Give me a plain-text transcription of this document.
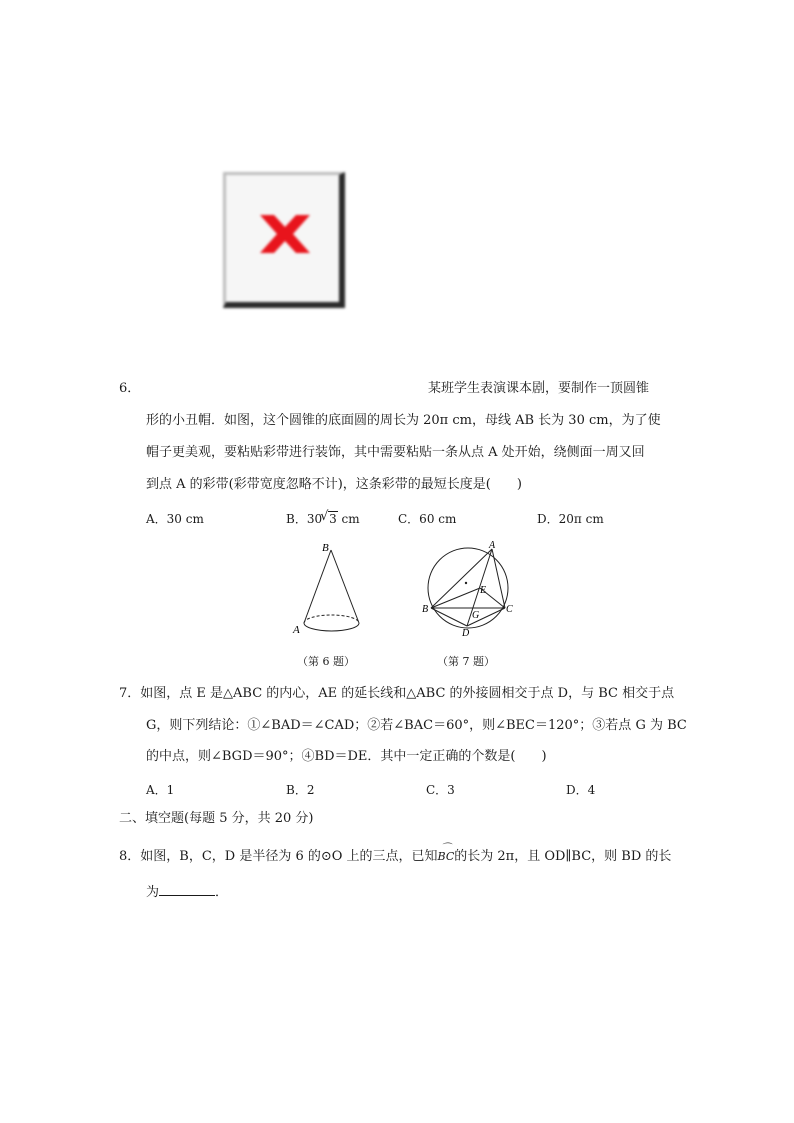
6．	某班学生表演课本剧，要制作一顶圆锥
形的小丑帽．如图，这个圆锥的底面圆的周长为 20π cm，母线 AB 长为 30 cm，为了使
帽子更美观，要粘贴彩带进行装饰，其中需要粘贴一条从点 A 处开始，绕侧面一周又回
到点 A 的彩带(彩带宽度忽略不计)，这条彩带的最短长度是(　　)
A．30 cm	B．30
√ 3 cm	C．60 cm	D．20π cm
B
A
A
E
B
G
C
D
（第 6 题）	（第 7 题）
7．如图，点 E 是△ABC 的内心，AE 的延长线和△ABC 的外接圆相交于点 D，与 BC 相交于点
G，则下列结论：①∠BAD＝∠CAD；②若∠BAC＝60°，则∠BEC＝120°；③若点 G 为 BC
的中点，则∠BGD＝90°；④BD＝DE．其中一定正确的个数是(　　)
A．1	B．2	C．3	D．4
二、填空题(每题 5 分，共 20 分)
8．如图，B，C，D 是半径为 6 的⊙O 上的三点，已知⌒ BC的长为 2π，且 OD∥BC，则 BD 的长
为	．
